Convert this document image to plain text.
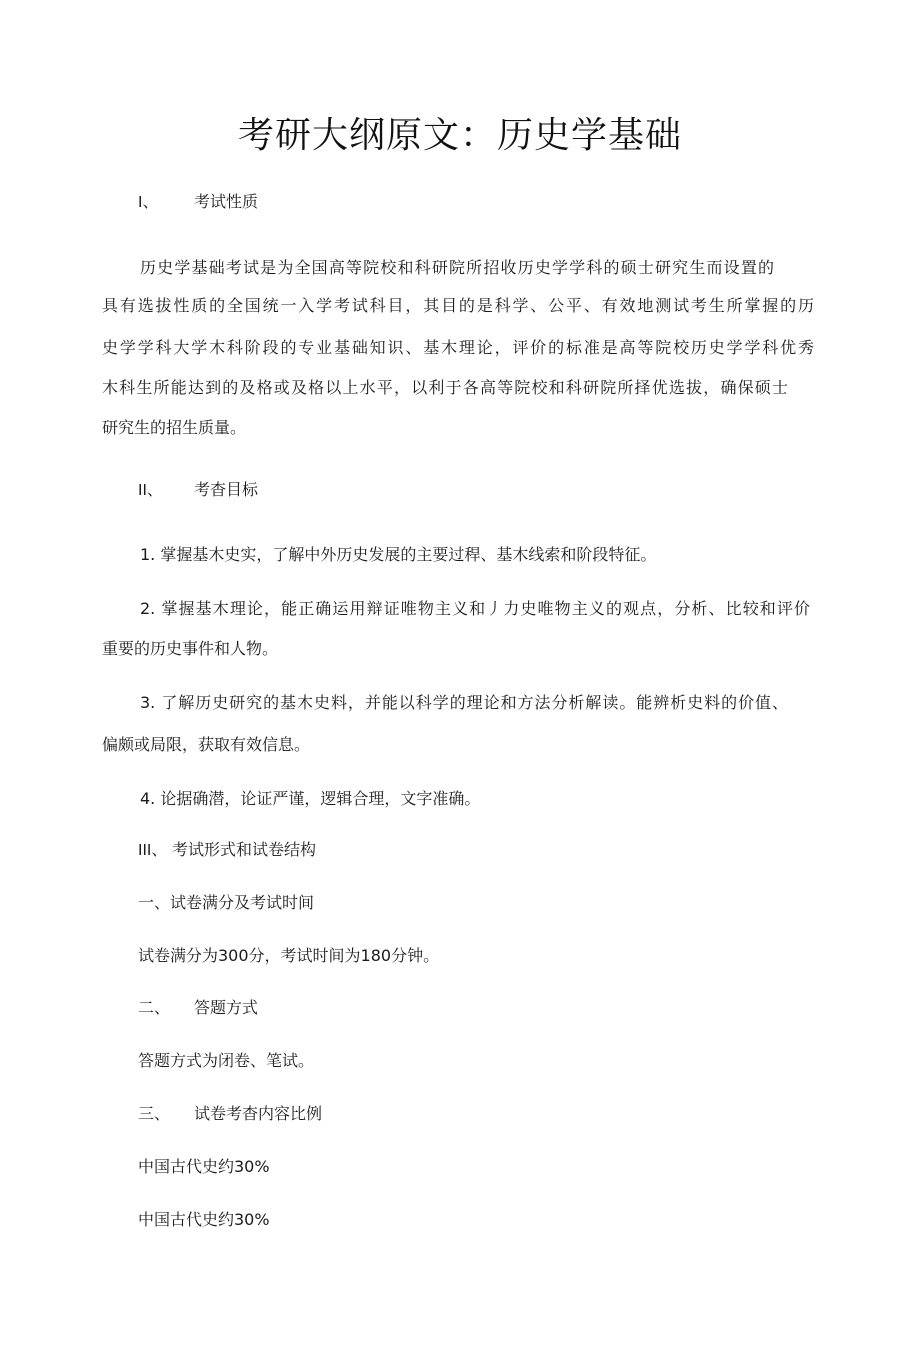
考研大纲原文：历史学基础
I、 考试性质
历史学基础考试是为全国高等院校和科研院所招收历史学学科的硕士研究生而设置的
具有选拔性质的全国统一入学考试科目，其目的是科学、公平、有效地测试考生所掌握的历
史学学科大学木科阶段的专业基础知识、基木理论，评价的标准是高等院校历史学学科优秀
木科生所能达到的及格或及格以上水平，以利于各高等院校和科研院所择优选拔，确保硕士
研究生的招生质量。
II、 考杳目标
1. 掌握基木史实，了解中外历史发展的主要过稈、基木线索和阶段特征。
2. 掌握基木理论，能正确运用辩证唯物主义和丿力史唯物主义的观点，分析、比较和评价
重要的历史事件和人物。
3. 了解历史研究的基木史料，并能以科学的理论和方法分析解读。能辨析史料的价值、
偏颇或局限，获取有效信息。
4. 论据确潜，论证严谨，逻辑合理，文字准确。
III、 考试形式和试卷结构
一、试卷满分及考试时间
试卷满分为300分，考试时间为180分钟。
二、 答题方式
答题方式为闭卷、笔试。
三、 试卷考杳内容比例
中国古代史约30%
中国古代史约30%
